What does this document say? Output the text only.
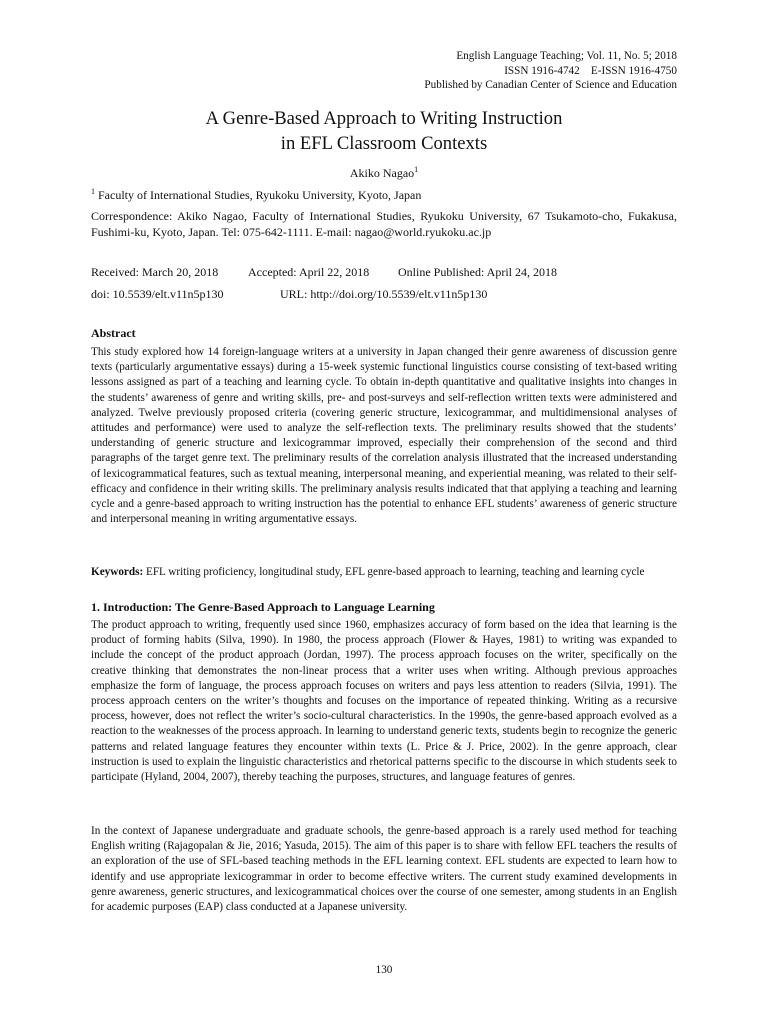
English Language Teaching; Vol. 11, No. 5; 2018
ISSN 1916-4742    E-ISSN 1916-4750
Published by Canadian Center of Science and Education
A Genre-Based Approach to Writing Instruction
in EFL Classroom Contexts
Akiko Nagao$^1$
$^1$ Faculty of International Studies, Ryukoku University, Kyoto, Japan
Correspondence: Akiko Nagao, Faculty of International Studies, Ryukoku University, 67 Tsukamoto-cho, Fukakusa, Fushimi-ku, Kyoto, Japan. Tel: 075-642-1111. E-mail: nagao@world.ryukoku.ac.jp
Received: March 20, 2018 Accepted: April 22, 2018 Online Published: April 24, 2018
doi: 10.5539/elt.v11n5p130	URL: http://doi.org/10.5539/elt.v11n5p130
Abstract
This study explored how 14 foreign-language writers at a university in Japan changed their genre awareness of discussion genre texts (particularly argumentative essays) during a 15-week systemic functional linguistics course consisting of text-based writing lessons assigned as part of a teaching and learning cycle. To obtain in-depth quantitative and qualitative insights into changes in the students’ awareness of genre and writing skills, pre- and post-surveys and self-reflection written texts were administered and analyzed. Twelve previously proposed criteria (covering generic structure, lexicogrammar, and multidimensional analyses of attitudes and performance) were used to analyze the self-reflection texts. The preliminary results showed that the students’ understanding of generic structure and lexicogrammar improved, especially their comprehension of the second and third paragraphs of the target genre text. The preliminary results of the correlation analysis illustrated that the increased understanding of lexicogrammatical features, such as textual meaning, interpersonal meaning, and experiential meaning, was related to their self-efficacy and confidence in their writing skills. The preliminary analysis results indicated that that applying a teaching and learning cycle and a genre-based approach to writing instruction has the potential to enhance EFL students’ awareness of generic structure and interpersonal meaning in writing argumentative essays.
Keywords: EFL writing proficiency, longitudinal study, EFL genre-based approach to learning, teaching and learning cycle
1. Introduction: The Genre-Based Approach to Language Learning
The product approach to writing, frequently used since 1960, emphasizes accuracy of form based on the idea that learning is the product of forming habits (Silva, 1990). In 1980, the process approach (Flower & Hayes, 1981) to writing was expanded to include the concept of the product approach (Jordan, 1997). The process approach focuses on the writer, specifically on the creative thinking that demonstrates the non-linear process that a writer uses when writing. Although previous approaches emphasize the form of language, the process approach focuses on writers and pays less attention to readers (Silvia, 1991). The process approach centers on the writer’s thoughts and focuses on the importance of repeated thinking. Writing as a recursive process, however, does not reflect the writer’s socio-cultural characteristics. In the 1990s, the genre-based approach evolved as a reaction to the weaknesses of the process approach. In learning to understand generic texts, students begin to recognize the generic patterns and related language features they encounter within texts (L. Price & J. Price, 2002). In the genre approach, clear instruction is used to explain the linguistic characteristics and rhetorical patterns specific to the discourse in which students seek to participate (Hyland, 2004, 2007), thereby teaching the purposes, structures, and language features of genres.
In the context of Japanese undergraduate and graduate schools, the genre-based approach is a rarely used method for teaching English writing (Rajagopalan & Jie, 2016; Yasuda, 2015). The aim of this paper is to share with fellow EFL teachers the results of an exploration of the use of SFL-based teaching methods in the EFL learning context. EFL students are expected to learn how to identify and use appropriate lexicogrammar in order to become effective writers. The current study examined developments in genre awareness, generic structures, and lexicogrammatical choices over the course of one semester, among students in an English for academic purposes (EAP) class conducted at a Japanese university.
130
